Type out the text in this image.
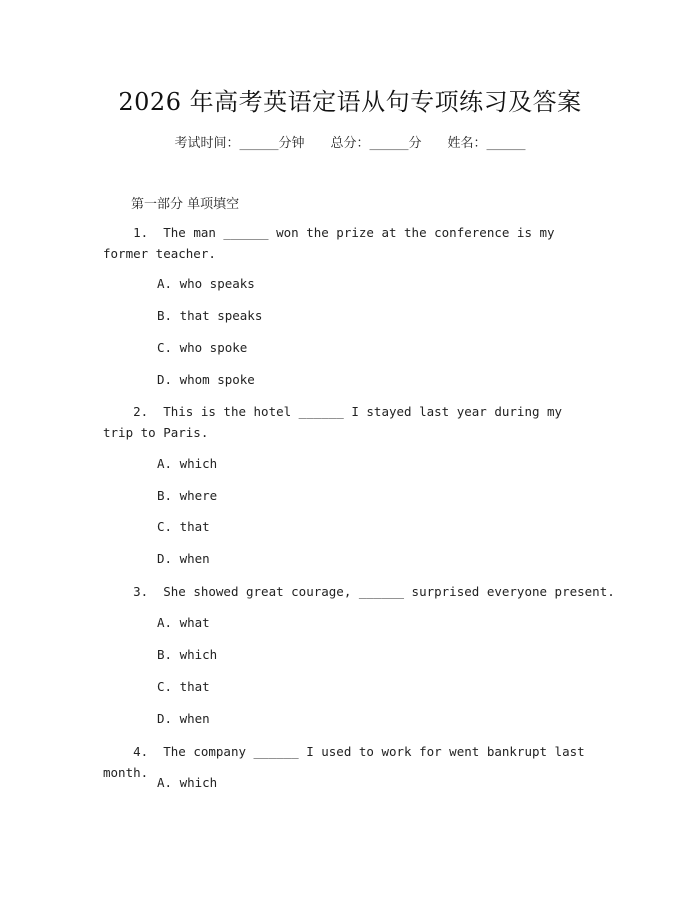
2026 年高考英语定语从句专项练习及答案
考试时间：______分钟 总分：______分 姓名：______
第一部分 单项填空
1.  The man ______ won the prize at the conference is my former teacher.
A. who speaks
B. that speaks
C. who spoke
D. whom spoke
2.  This is the hotel ______ I stayed last year during my trip to Paris.
A. which
B. where
C. that
D. when
3.  She showed great courage, ______ surprised everyone present.
A. what
B. which
C. that
D. when
4.  The company ______ I used to work for went bankrupt last month.
A. which
